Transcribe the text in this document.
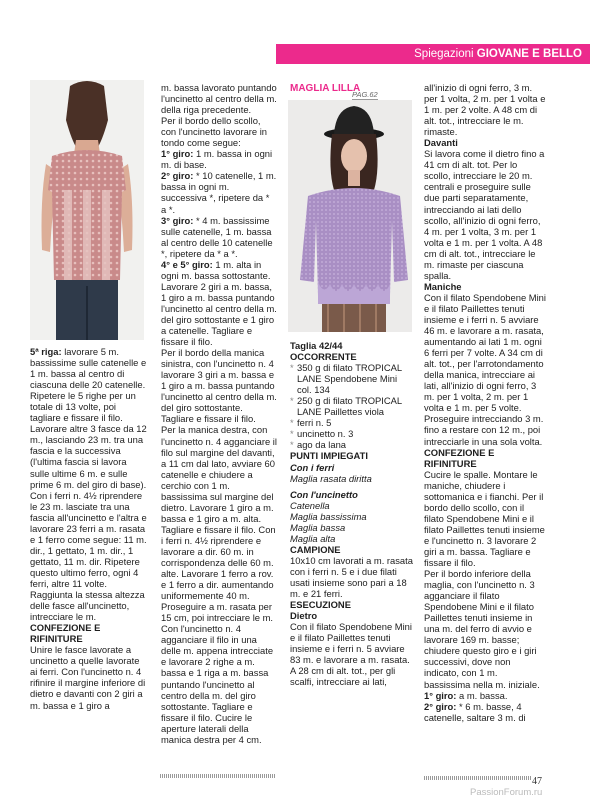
Spiegazioni GIOVANE E BELLO
MAGLIA LILLA
PAG.62

5ª riga: lavorare 5 m. bassissime sulle catenelle e 1 m. bassa al centro di ciascuna delle 20 catenelle.

Ripetere le 5 righe per un totale di 13 volte, poi tagliare e fissare il filo. Lavorare altre 3 fasce da 12 m., lasciando 23 m. tra una fascia e la successiva (l'ultima fascia si lavora sulle ultime 6 m. e sulle prime 6 m. del giro di base).

Con i ferri n. 4½ riprendere le 23 m. lasciate tra una fascia all'uncinetto e l'altra e lavorare 23 ferri a m. rasata e 1 ferro come segue: 11 m. dir., 1 gettato, 1 m. dir., 1 gettato, 11 m. dir. Ripetere questo ultimo ferro, ogni 4 ferri, altre 11 volte. Raggiunta la stessa altezza delle fasce all'uncinetto, intrecciare le m.

CONFEZIONE E RIFINITURE

Unire le fasce lavorate a uncinetto a quelle lavorate ai ferri. Con l'uncinetto n. 4 rifinire il margine inferiore di dietro e davanti con 2 giri a m. bassa e 1 giro a

m. bassa lavorato puntando l'uncinetto al centro della m. della riga precedente.

Per il bordo dello scollo, con l'uncinetto lavorare in tondo come segue:

1° giro: 1 m. bassa in ogni m. di base.

2° giro: * 10 catenelle, 1 m. bassa in ogni m. successiva *, ripetere da * a *.

3° giro: * 4 m. bassissime sulle catenelle, 1 m. bassa al centro delle 10 catenelle *, ripetere da * a *.

4° e 5° giro: 1 m. alta in ogni m. bassa sottostante. Lavorare 2 giri a m. bassa, 1 giro a m. bassa puntando l'uncinetto al centro della m. del giro sottostante e 1 giro a catenelle. Tagliare e fissare il filo.

Per il bordo della manica sinistra, con l'uncinetto n. 4 lavorare 3 giri a m. bassa e 1 giro a m. bassa puntando l'uncinetto al centro della m. del giro sottostante. Tagliare e fissare il filo.

Per la manica destra, con l'uncinetto n. 4 agganciare il filo sul margine del davanti, a 11 cm dal lato, avviare 60 catenelle e chiudere a cerchio con 1 m. bassissima sul margine del dietro. Lavorare 1 giro a m. bassa e 1 giro a m. alta. Tagliare e fissare il filo. Con i ferri n. 4½ riprendere e lavorare a dir. 60 m. in corrispondenza delle 60 m. alte. Lavorare 1 ferro a rov. e 1 ferro a dir. aumentando uniformemente 40 m. Proseguire a m. rasata per 15 cm, poi intrecciare le m. Con l'uncinetto n. 4 agganciare il filo in una delle m. appena intrecciate e lavorare 2 righe a m. bassa e 1 riga a m. bassa puntando l'uncinetto al centro della m. del giro sottostante. Tagliare e fissare il filo. Cucire le aperture laterali della manica destra per 4 cm.

Taglia 42/44

OCCORRENTE

* 350 g di filato TROPICAL LANE Spendobene Mini col. 134

* 250 g di filato TROPICAL LANE Paillettes viola

* ferri n. 5

* uncinetto n. 3

* ago da lana

PUNTI IMPIEGATI

Con i ferri

Maglia rasata diritta

Con l'uncinetto

Catenella

Maglia bassissima

Maglia bassa

Maglia alta

CAMPIONE

10x10 cm lavorati a m. rasata con i ferri n. 5 e i due filati usati insieme sono pari a 18 m. e 21 ferri.

ESECUZIONE

Dietro

Con il filato Spendobene Mini e il filato Paillettes tenuti insieme e i ferri n. 5 avviare 83 m. e lavorare a m. rasata. A 28 cm di alt. tot., per gli scalfi, intrecciare ai lati,

all'inizio di ogni ferro, 3 m. per 1 volta, 2 m. per 1 volta e 1 m. per 2 volte. A 48 cm di alt. tot., intrecciare le m. rimaste.

Davanti

Si lavora come il dietro fino a 41 cm di alt. tot. Per lo scollo, intrecciare le 20 m. centrali e proseguire sulle due parti separatamente, intrecciando ai lati dello scollo, all'inizio di ogni ferro, 4 m. per 1 volta, 3 m. per 1 volta e 1 m. per 1 volta. A 48 cm di alt. tot., intrecciare le m. rimaste per ciascuna spalla.

Maniche

Con il filato Spendobene Mini e il filato Paillettes tenuti insieme e i ferri n. 5 avviare 46 m. e lavorare a m. rasata, aumentando ai lati 1 m. ogni 6 ferri per 7 volte. A 34 cm di alt. tot., per l'arrotondamento della manica, intrecciare ai lati, all'inizio di ogni ferro, 3 m. per 1 volta, 2 m. per 1 volta e 1 m. per 5 volte. Proseguire intrecciando 3 m. fino a restare con 12 m., poi intrecciarle in una sola volta.

CONFEZIONE E RIFINITURE

Cucire le spalle. Montare le maniche, chiudere i sottomanica e i fianchi. Per il bordo dello scollo, con il filato Spendobene Mini e il filato Paillettes tenuti insieme e l'uncinetto n. 3 lavorare 2 giri a m. bassa. Tagliare e fissare il filo.

Per il bordo inferiore della maglia, con l'uncinetto n. 3 agganciare il filato Spendobene Mini e il filato Paillettes tenuti insieme in una m. del ferro di avvio e lavorare 169 m. basse; chiudere questo giro e i giri successivi, dove non indicato, con 1 m. bassissima nella m. iniziale.

1° giro: a m. bassa.

2° giro: * 6 m. basse, 4 catenelle, saltare 3 m. di

47
PassionForum.ru
